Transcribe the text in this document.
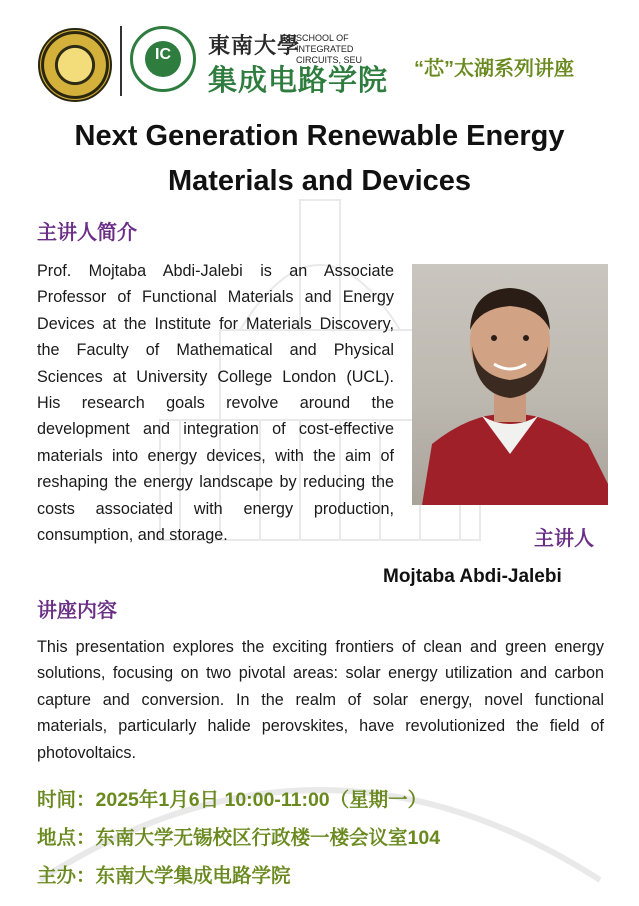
IC	東南大學
SCHOOL OF INTEGRATED CIRCUITS, SEU
集成电路学院 “芯”太湖系列讲座
Next Generation Renewable Energy Materials and Devices
主讲人简介
Prof. Mojtaba Abdi-Jalebi is an Associate Professor of Functional Materials and Energy Devices at the Institute for Materials Discovery, the Faculty of Mathematical and Physical Sciences at University College London (UCL). His research goals revolve around the development and integration of cost-effective materials into energy devices, with the aim of reshaping the energy landscape by reducing the costs associated with energy production, consumption, and storage.	主讲人
Mojtaba Abdi-Jalebi
讲座内容
This presentation explores the exciting frontiers of clean and green energy solutions, focusing on two pivotal areas: solar energy utilization and carbon capture and conversion. In the realm of solar energy, novel functional materials, particularly halide perovskites, have revolutionized the field of photovoltaics.
时间：2025年1月6日 10:00-11:00（星期一）
地点：东南大学无锡校区行政楼一楼会议室104
主办：东南大学集成电路学院
